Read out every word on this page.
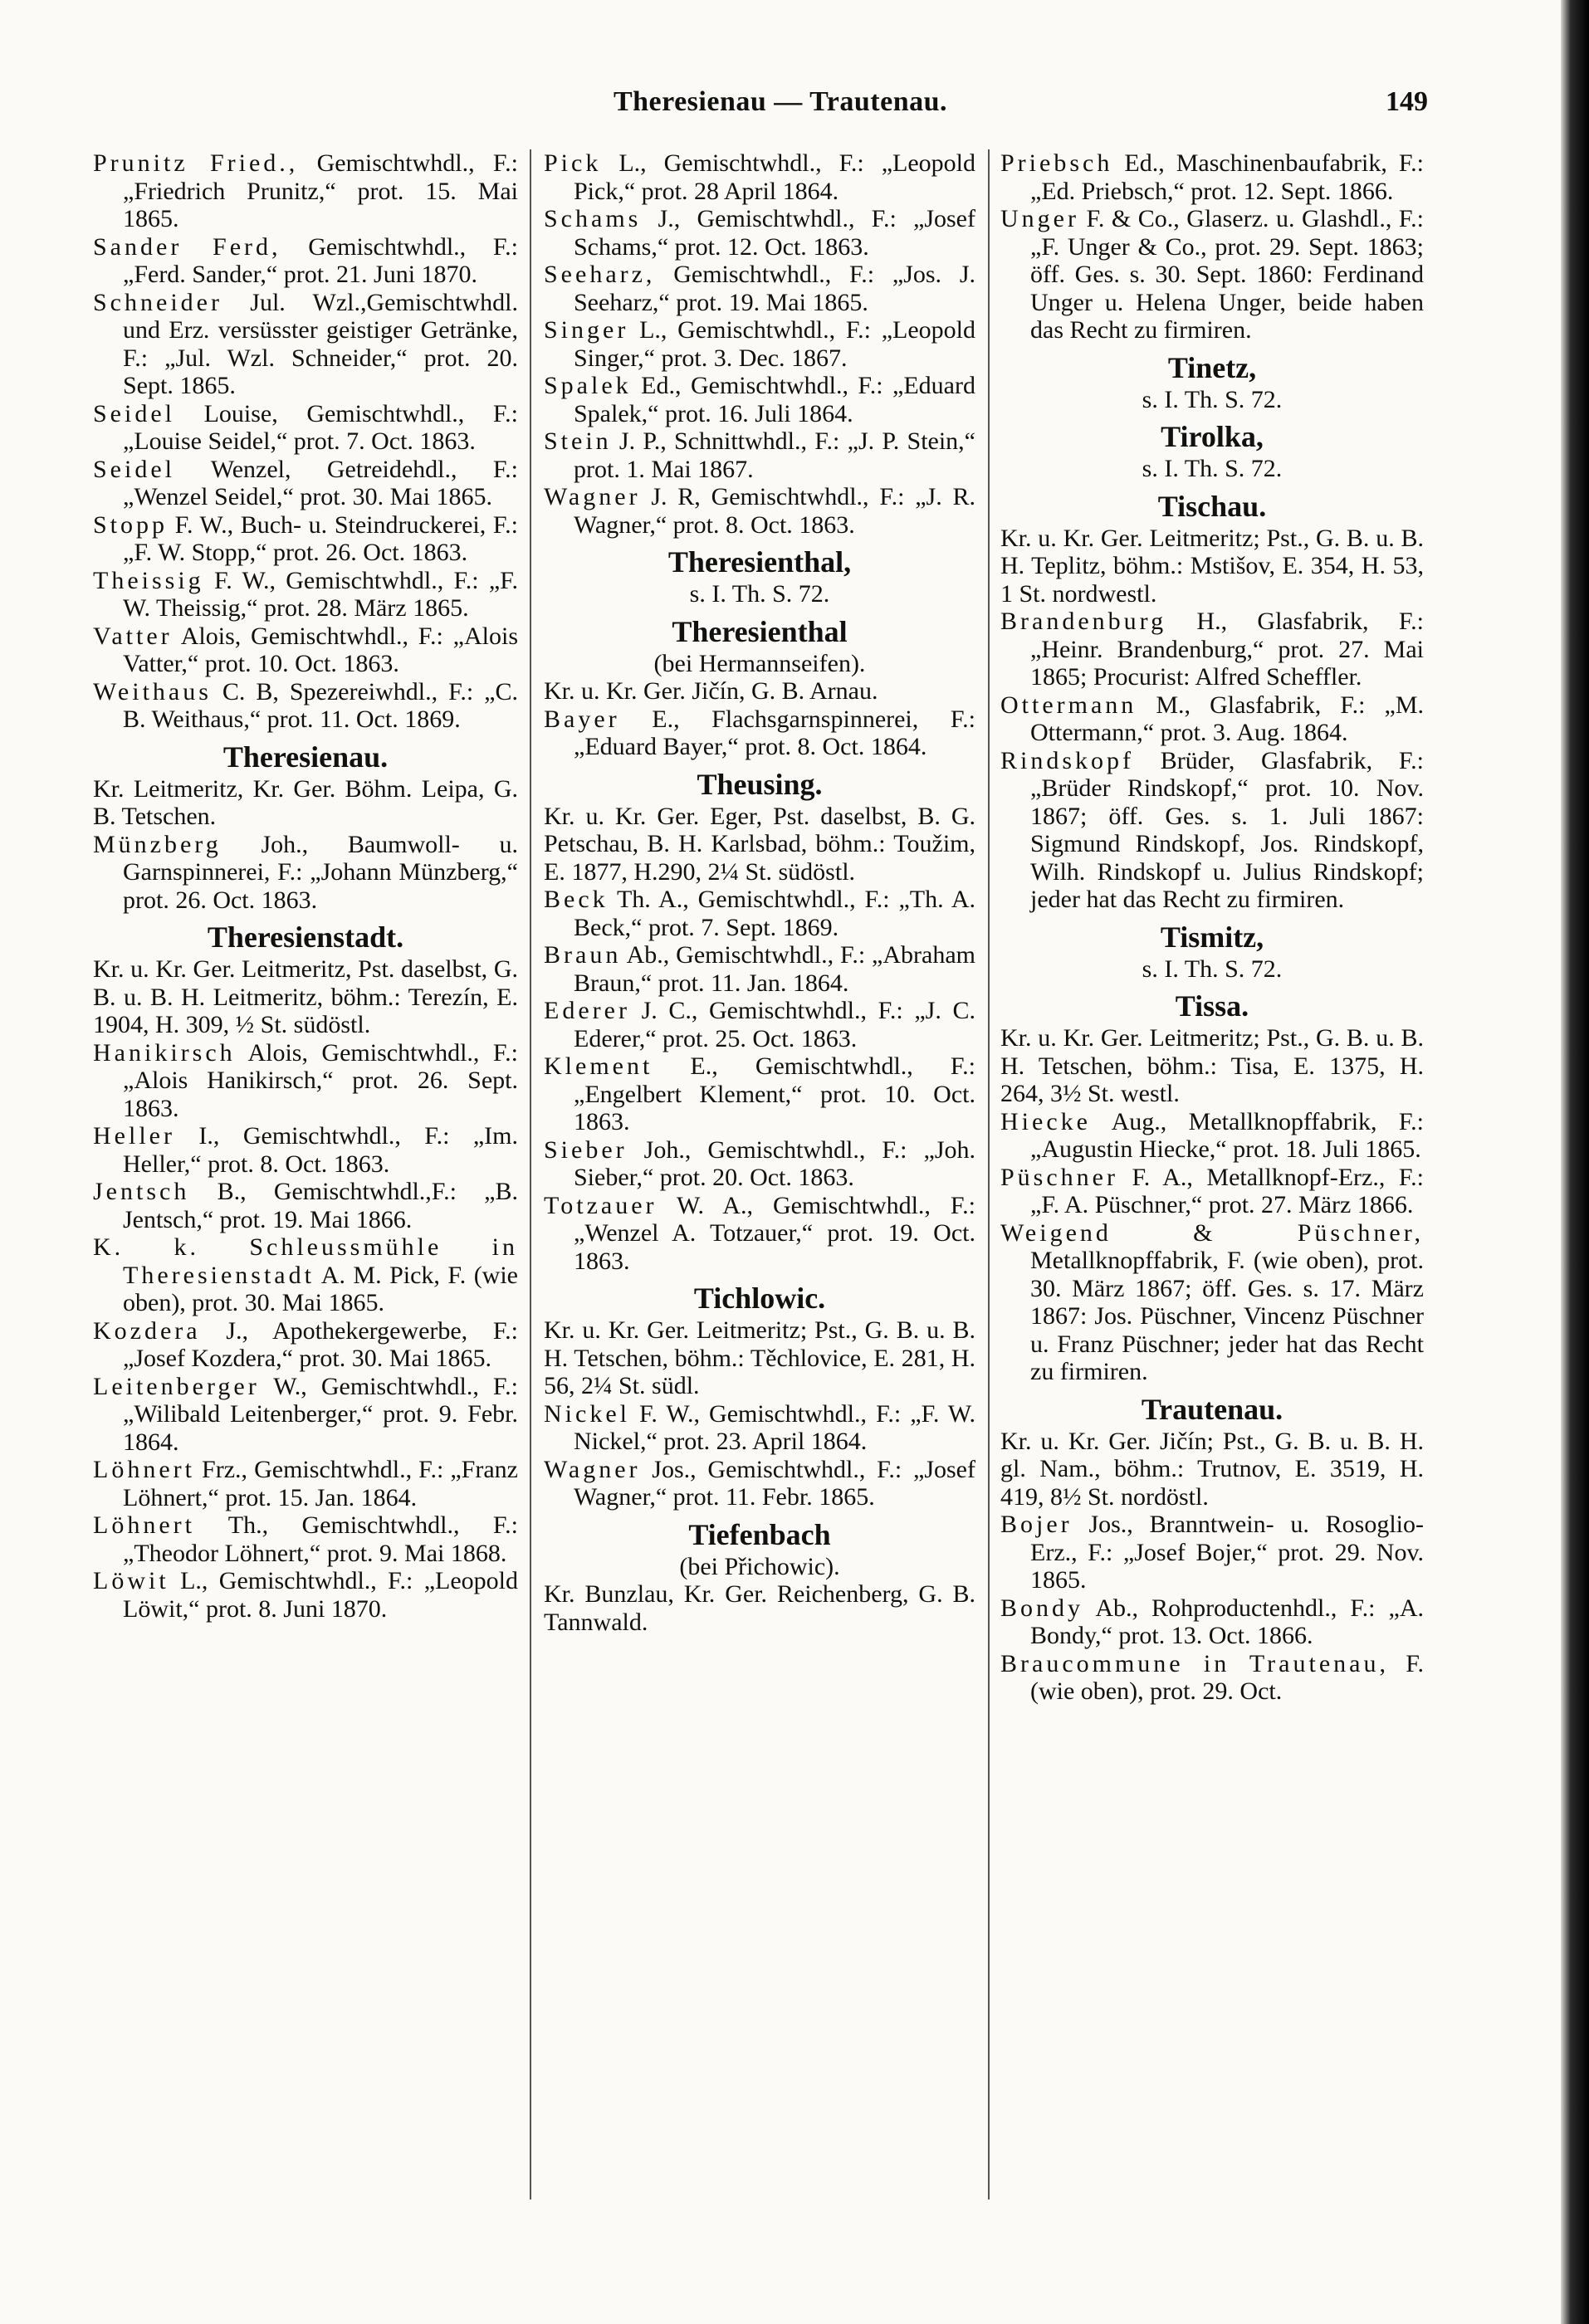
Theresienau — Trautenau.	149

Prunitz Fried., Gemischtwhdl., F.: „Friedrich Prunitz,“ prot. 15. Mai 1865.

Sander Ferd, Gemischtwhdl., F.: „Ferd. Sander,“ prot. 21. Juni 1870.

Schneider Jul. Wzl.,Gemischtwhdl. und Erz. versüsster geistiger Getränke, F.: „Jul. Wzl. Schneider,“ prot. 20. Sept. 1865.

Seidel Louise, Gemischtwhdl., F.: „Louise Seidel,“ prot. 7. Oct. 1863.

Seidel Wenzel, Getreidehdl., F.: „Wenzel Seidel,“ prot. 30. Mai 1865.

Stopp F. W., Buch- u. Steindruckerei, F.: „F. W. Stopp,“ prot. 26. Oct. 1863.

Theissig F. W., Gemischtwhdl., F.: „F. W. Theissig,“ prot. 28. März 1865.

Vatter Alois, Gemischtwhdl., F.: „Alois Vatter,“ prot. 10. Oct. 1863.

Weithaus C. B, Spezereiwhdl., F.: „C. B. Weithaus,“ prot. 11. Oct. 1869.

Theresienau.

Kr. Leitmeritz, Kr. Ger. Böhm. Leipa, G. B. Tetschen.

Münzberg Joh., Baumwoll- u. Garnspinnerei, F.: „Johann Münzberg,“ prot. 26. Oct. 1863.

Theresienstadt.

Kr. u. Kr. Ger. Leitmeritz, Pst. daselbst, G. B. u. B. H. Leitmeritz, böhm.: Terezín, E. 1904, H. 309, ½ St. südöstl.

Hanikirsch Alois, Gemischtwhdl., F.: „Alois Hanikirsch,“ prot. 26. Sept. 1863.

Heller I., Gemischtwhdl., F.: „Im. Heller,“ prot. 8. Oct. 1863.

Jentsch B., Gemischtwhdl.,F.: „B. Jentsch,“ prot. 19. Mai 1866.

K. k. Schleussmühle in Theresienstadt A. M. Pick, F. (wie oben), prot. 30. Mai 1865.

Kozdera J., Apothekergewerbe, F.: „Josef Kozdera,“ prot. 30. Mai 1865.

Leitenberger W., Gemischtwhdl., F.: „Wilibald Leitenberger,“ prot. 9. Febr. 1864.

Löhnert Frz., Gemischtwhdl., F.: „Franz Löhnert,“ prot. 15. Jan. 1864.

Löhnert Th., Gemischtwhdl., F.: „Theodor Löhnert,“ prot. 9. Mai 1868.

Löwit L., Gemischtwhdl., F.: „Leopold Löwit,“ prot. 8. Juni 1870.

Pick L., Gemischtwhdl., F.: „Leopold Pick,“ prot. 28 April 1864.

Schams J., Gemischtwhdl., F.: „Josef Schams,“ prot. 12. Oct. 1863.

Seeharz, Gemischtwhdl., F.: „Jos. J. Seeharz,“ prot. 19. Mai 1865.

Singer L., Gemischtwhdl., F.: „Leopold Singer,“ prot. 3. Dec. 1867.

Spalek Ed., Gemischtwhdl., F.: „Eduard Spalek,“ prot. 16. Juli 1864.

Stein J. P., Schnittwhdl., F.: „J. P. Stein,“ prot. 1. Mai 1867.

Wagner J. R, Gemischtwhdl., F.: „J. R. Wagner,“ prot. 8. Oct. 1863.

Theresienthal,

s. I. Th. S. 72.

Theresienthal

(bei Hermannseifen).

Kr. u. Kr. Ger. Jičín, G. B. Arnau.

Bayer E., Flachsgarnspinnerei, F.: „Eduard Bayer,“ prot. 8. Oct. 1864.

Theusing.

Kr. u. Kr. Ger. Eger, Pst. daselbst, B. G. Petschau, B. H. Karlsbad, böhm.: Toužim, E. 1877, H.290, 2¼ St. südöstl.

Beck Th. A., Gemischtwhdl., F.: „Th. A. Beck,“ prot. 7. Sept. 1869.

Braun Ab., Gemischtwhdl., F.: „Abraham Braun,“ prot. 11. Jan. 1864.

Ederer J. C., Gemischtwhdl., F.: „J. C. Ederer,“ prot. 25. Oct. 1863.

Klement E., Gemischtwhdl., F.: „Engelbert Klement,“ prot. 10. Oct. 1863.

Sieber Joh., Gemischtwhdl., F.: „Joh. Sieber,“ prot. 20. Oct. 1863.

Totzauer W. A., Gemischtwhdl., F.: „Wenzel A. Totzauer,“ prot. 19. Oct. 1863.

Tichlowic.

Kr. u. Kr. Ger. Leitmeritz; Pst., G. B. u. B. H. Tetschen, böhm.: Těchlovice, E. 281, H. 56, 2¼ St. südl.

Nickel F. W., Gemischtwhdl., F.: „F. W. Nickel,“ prot. 23. April 1864.

Wagner Jos., Gemischtwhdl., F.: „Josef Wagner,“ prot. 11. Febr. 1865.

Tiefenbach

(bei Přichowic).

Kr. Bunzlau, Kr. Ger. Reichenberg, G. B. Tannwald.

Priebsch Ed., Maschinenbaufabrik, F.: „Ed. Priebsch,“ prot. 12. Sept. 1866.

Unger F. & Co., Glaserz. u. Glashdl., F.: „F. Unger & Co., prot. 29. Sept. 1863; öff. Ges. s. 30. Sept. 1860: Ferdinand Unger u. Helena Unger, beide haben das Recht zu firmiren.

Tinetz,

s. I. Th. S. 72.

Tirolka,

s. I. Th. S. 72.

Tischau.

Kr. u. Kr. Ger. Leitmeritz; Pst., G. B. u. B. H. Teplitz, böhm.: Mstišov, E. 354, H. 53, 1 St. nordwestl.

Brandenburg H., Glasfabrik, F.: „Heinr. Brandenburg,“ prot. 27. Mai 1865; Procurist: Alfred Scheffler.

Ottermann M., Glasfabrik, F.: „M. Ottermann,“ prot. 3. Aug. 1864.

Rindskopf Brüder, Glasfabrik, F.: „Brüder Rindskopf,“ prot. 10. Nov. 1867; öff. Ges. s. 1. Juli 1867: Sigmund Rindskopf, Jos. Rindskopf, Wilh. Rindskopf u. Julius Rindskopf; jeder hat das Recht zu firmiren.

Tismitz,

s. I. Th. S. 72.

Tissa.

Kr. u. Kr. Ger. Leitmeritz; Pst., G. B. u. B. H. Tetschen, böhm.: Tisa, E. 1375, H. 264, 3½ St. westl.

Hiecke Aug., Metallknopffabrik, F.: „Augustin Hiecke,“ prot. 18. Juli 1865.

Püschner F. A., Metallknopf-Erz., F.: „F. A. Püschner,“ prot. 27. März 1866.

Weigend & Püschner, Metallknopffabrik, F. (wie oben), prot. 30. März 1867; öff. Ges. s. 17. März 1867: Jos. Püschner, Vincenz Püschner u. Franz Püschner; jeder hat das Recht zu firmiren.

Trautenau.

Kr. u. Kr. Ger. Jičín; Pst., G. B. u. B. H. gl. Nam., böhm.: Trutnov, E. 3519, H. 419, 8½ St. nordöstl.

Bojer Jos., Branntwein- u. Rosoglio-Erz., F.: „Josef Bojer,“ prot. 29. Nov. 1865.

Bondy Ab., Rohproductenhdl., F.: „A. Bondy,“ prot. 13. Oct. 1866.

Braucommune in Trautenau, F.(wie oben), prot. 29. Oct.
